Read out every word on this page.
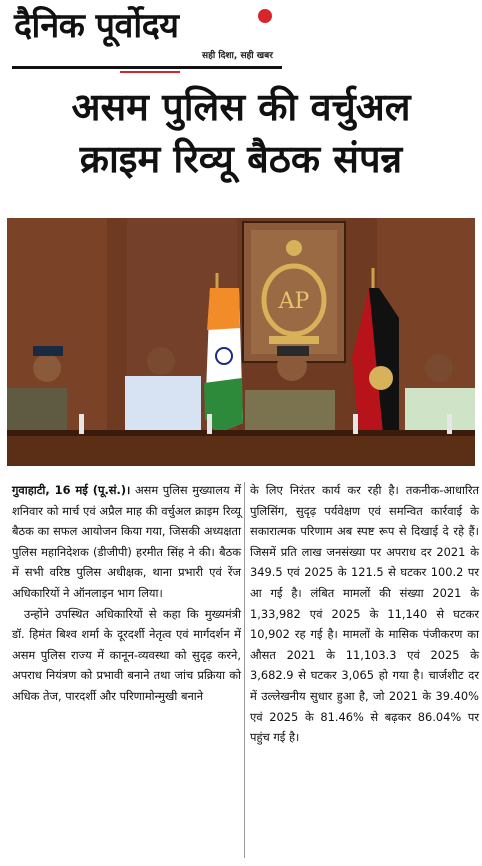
दैनिक पूर्वोदय
सही दिशा, सही खबर
असम पुलिस की वर्चुअल
क्राइम रिव्यू बैठक संपन्न
AP

गुवाहाटी, 16 मई (पू.सं.)। असम पुलिस मुख्यालय में शनिवार को मार्च एवं अप्रैल माह की वर्चुअल क्राइम रिव्यू बैठक का सफल आयोजन किया गया, जिसकी अध्यक्षता पुलिस महानिदेशक (डीजीपी) हरमीत सिंह ने की। बैठक में सभी वरिष्ठ पुलिस अधीक्षक, थाना प्रभारी एवं रेंज अधिकारियों ने ऑनलाइन भाग लिया।

उन्होंने उपस्थित अधिकारियों से कहा कि मुख्यमंत्री डॉ. हिमंत बिश्व शर्मा के दूरदर्शी नेतृत्व एवं मार्गदर्शन में असम पुलिस राज्य में कानून-व्यवस्था को सुदृढ़ करने, अपराध नियंत्रण को प्रभावी बनाने तथा जांच प्रक्रिया को अधिक तेज, पारदर्शी और परिणामोन्मुखी बनाने

के लिए निरंतर कार्य कर रही है। तकनीक-आधारित पुलिसिंग, सुदृढ़ पर्यवेक्षण एवं समन्वित कार्रवाई के सकारात्मक परिणाम अब स्पष्ट रूप से दिखाई दे रहे हैं। जिसमें प्रति लाख जनसंख्या पर अपराध दर 2021 के 349.5 एवं 2025 के 121.5 से घटकर 100.2 पर आ गई है। लंबित मामलों की संख्या 2021 के 1,33,982 एवं 2025 के 11,140 से घटकर 10,902 रह गई है। मामलों के मासिक पंजीकरण का औसत 2021 के 11,103.3 एवं 2025 के 3,682.9 से घटकर 3,065 हो गया है। चार्जशीट दर में उल्लेखनीय सुधार हुआ है, जो 2021 के 39.40% एवं 2025 के 81.46% से बढ़कर 86.04% पर पहुंच गई है।
